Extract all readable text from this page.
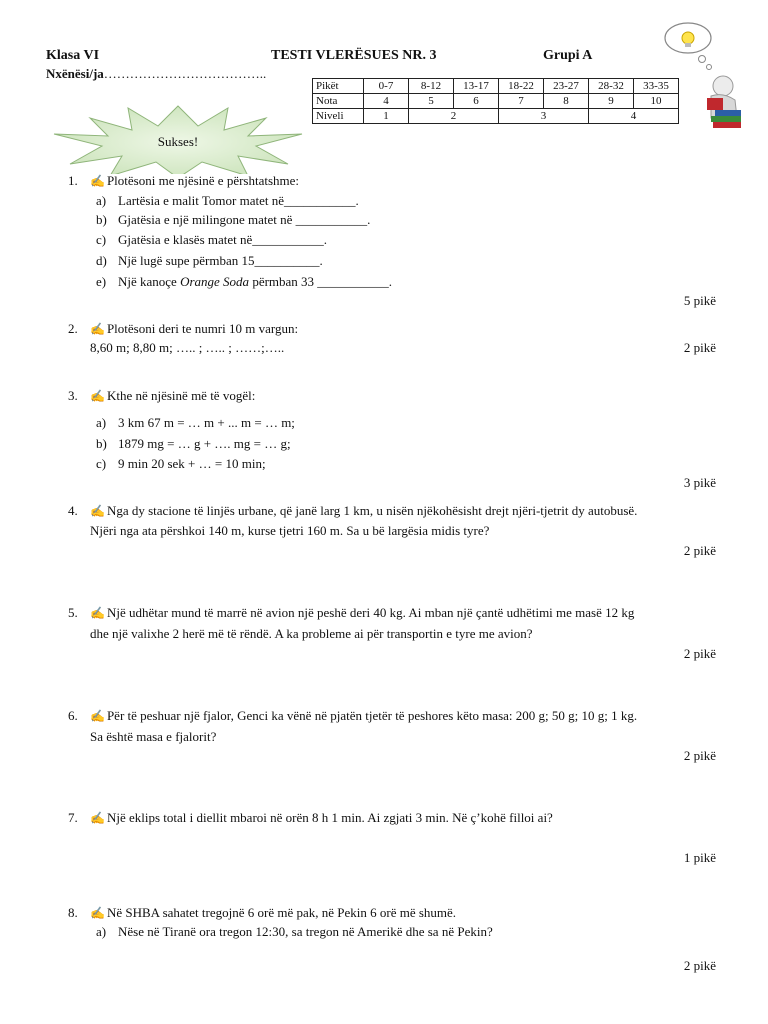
Klasa VI	TESTI VLERËSUES NR. 3	Grupi A
Nxënësi/ja………………………………..
Pikët	0-7	8-12	13-17	18-22	23-27	28-32	33-35
Nota	4	5	6	7	8	9	10
Niveli	1	2		3		4	
Sukses!
1. ✍ Plotësoni me njësinë e përshtatshme:
a) Lartësia e malit Tomor matet në___________.
b) Gjatësia e një milingone matet në ___________.
c) Gjatësia e klasës matet në___________.
d) Një lugë supe përmban 15__________.
e) Një kanoçe Orange Soda përmban 33 ___________.
5 pikë
2. ✍ Plotësoni deri te numri 10 m vargun:
8,60 m; 8,80 m; ….. ; ….. ; ……;…..	2 pikë
3. ✍ Kthe në njësinë më të vogël:
a) 3 km 67 m = … m + ... m = … m;
b) 1879 mg = … g + …. mg = … g;
c) 9 min 20 sek + … = 10 min;
3 pikë
4. ✍ Nga dy stacione të linjës urbane, që janë larg 1 km, u nisën njëkohësisht drejt njëri-tjetrit dy autobusë.
Njëri nga ata përshkoi 140 m, kurse tjetri 160 m. Sa u bë largësia midis tyre?
2 pikë
5. ✍ Një udhëtar mund të marrë në avion një peshë deri 40 kg. Ai mban një çantë udhëtimi me masë 12 kg
dhe një valixhe 2 herë më të rëndë. A ka probleme ai për transportin e tyre me avion?
2 pikë
6. ✍ Për të peshuar një fjalor, Genci ka vënë në pjatën tjetër të peshores këto masa: 200 g; 50 g; 10 g; 1 kg.
Sa është masa e fjalorit?
2 pikë
7. ✍ Një eklips total i diellit mbaroi në orën 8 h 1 min. Ai zgjati 3 min. Në ç’kohë filloi ai?
1 pikë
8. ✍ Në SHBA sahatet tregojnë 6 orë më pak, në Pekin 6 orë më shumë.
a) Nëse në Tiranë ora tregon 12:30, sa tregon në Amerikë dhe sa në Pekin?
2 pikë
